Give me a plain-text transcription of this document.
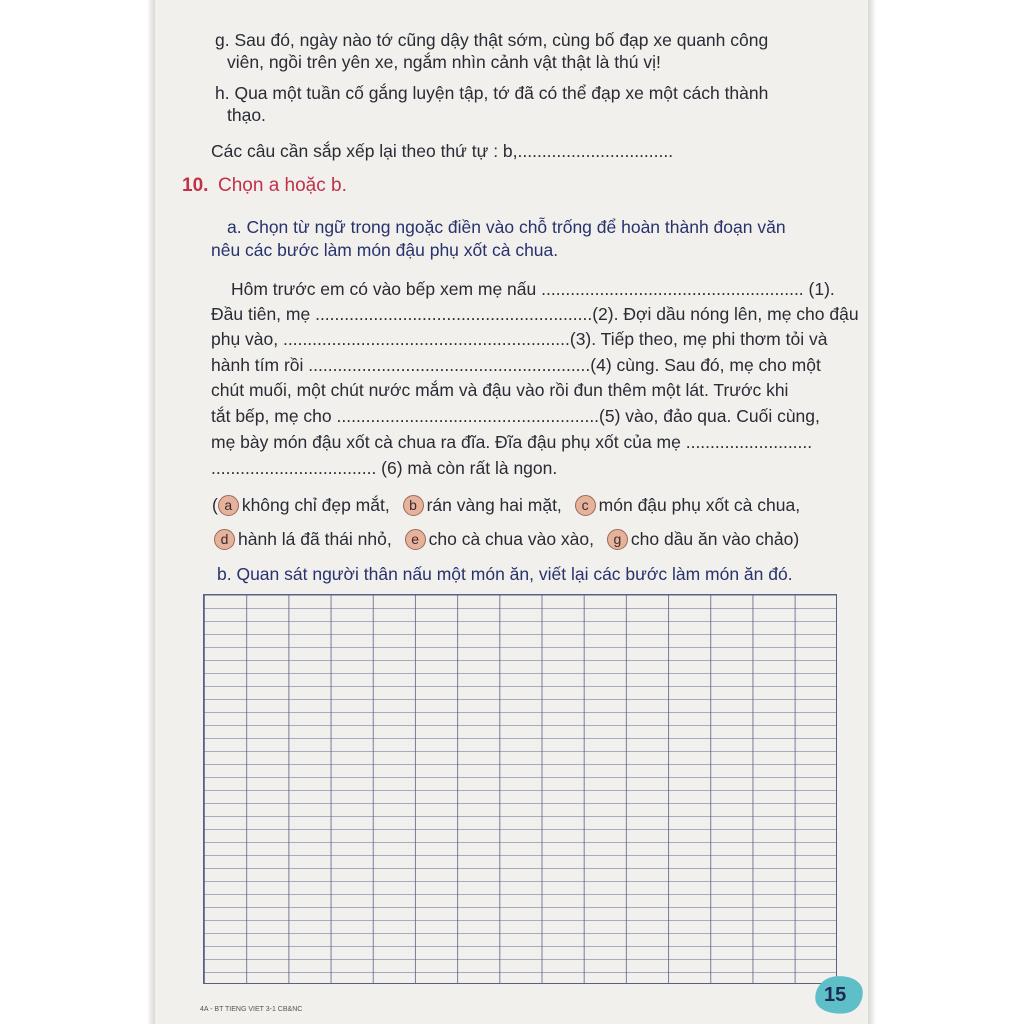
g. Sau đó, ngày nào tớ cũng dậy thật sớm, cùng bố đạp xe quanh công
viên, ngồi trên yên xe, ngắm nhìn cảnh vật thật là thú vị!
h. Qua một tuần cố gắng luyện tập, tớ đã có thể đạp xe một cách thành
thạo.
Các câu cần sắp xếp lại theo thứ tự : b,................................
10. Chọn a hoặc b.
a. Chọn từ ngữ trong ngoặc điền vào chỗ trống để hoàn thành đoạn văn
nêu các bước làm món đậu phụ xốt cà chua.
Hôm trước em có vào bếp xem mẹ nấu ...................................................... (1).
Đầu tiên, mẹ .........................................................(2). Đợi dầu nóng lên, mẹ cho đậu
phụ vào, ...........................................................(3). Tiếp theo, mẹ phi thơm tỏi và
hành tím rồi ..........................................................(4) cùng. Sau đó, mẹ cho một
chút muối, một chút nước mắm và đậu vào rồi đun thêm một lát. Trước khi
tắt bếp, mẹ cho ......................................................(5) vào, đảo qua. Cuối cùng,
mẹ bày món đậu xốt cà chua ra đĩa. Đĩa đậu phụ xốt của mẹ ..........................
.................................. (6) mà còn rất là ngon.
( a không chỉ đẹp mắt, b rán vàng hai mặt, c món đậu phụ xốt cà chua,
d hành lá đã thái nhỏ, e cho cà chua vào xào, g cho dầu ăn vào chảo)
b. Quan sát người thân nấu một món ăn, viết lại các bước làm món ăn đó.
4A - BT TIENG VIET 3-1 CB&NC
15
